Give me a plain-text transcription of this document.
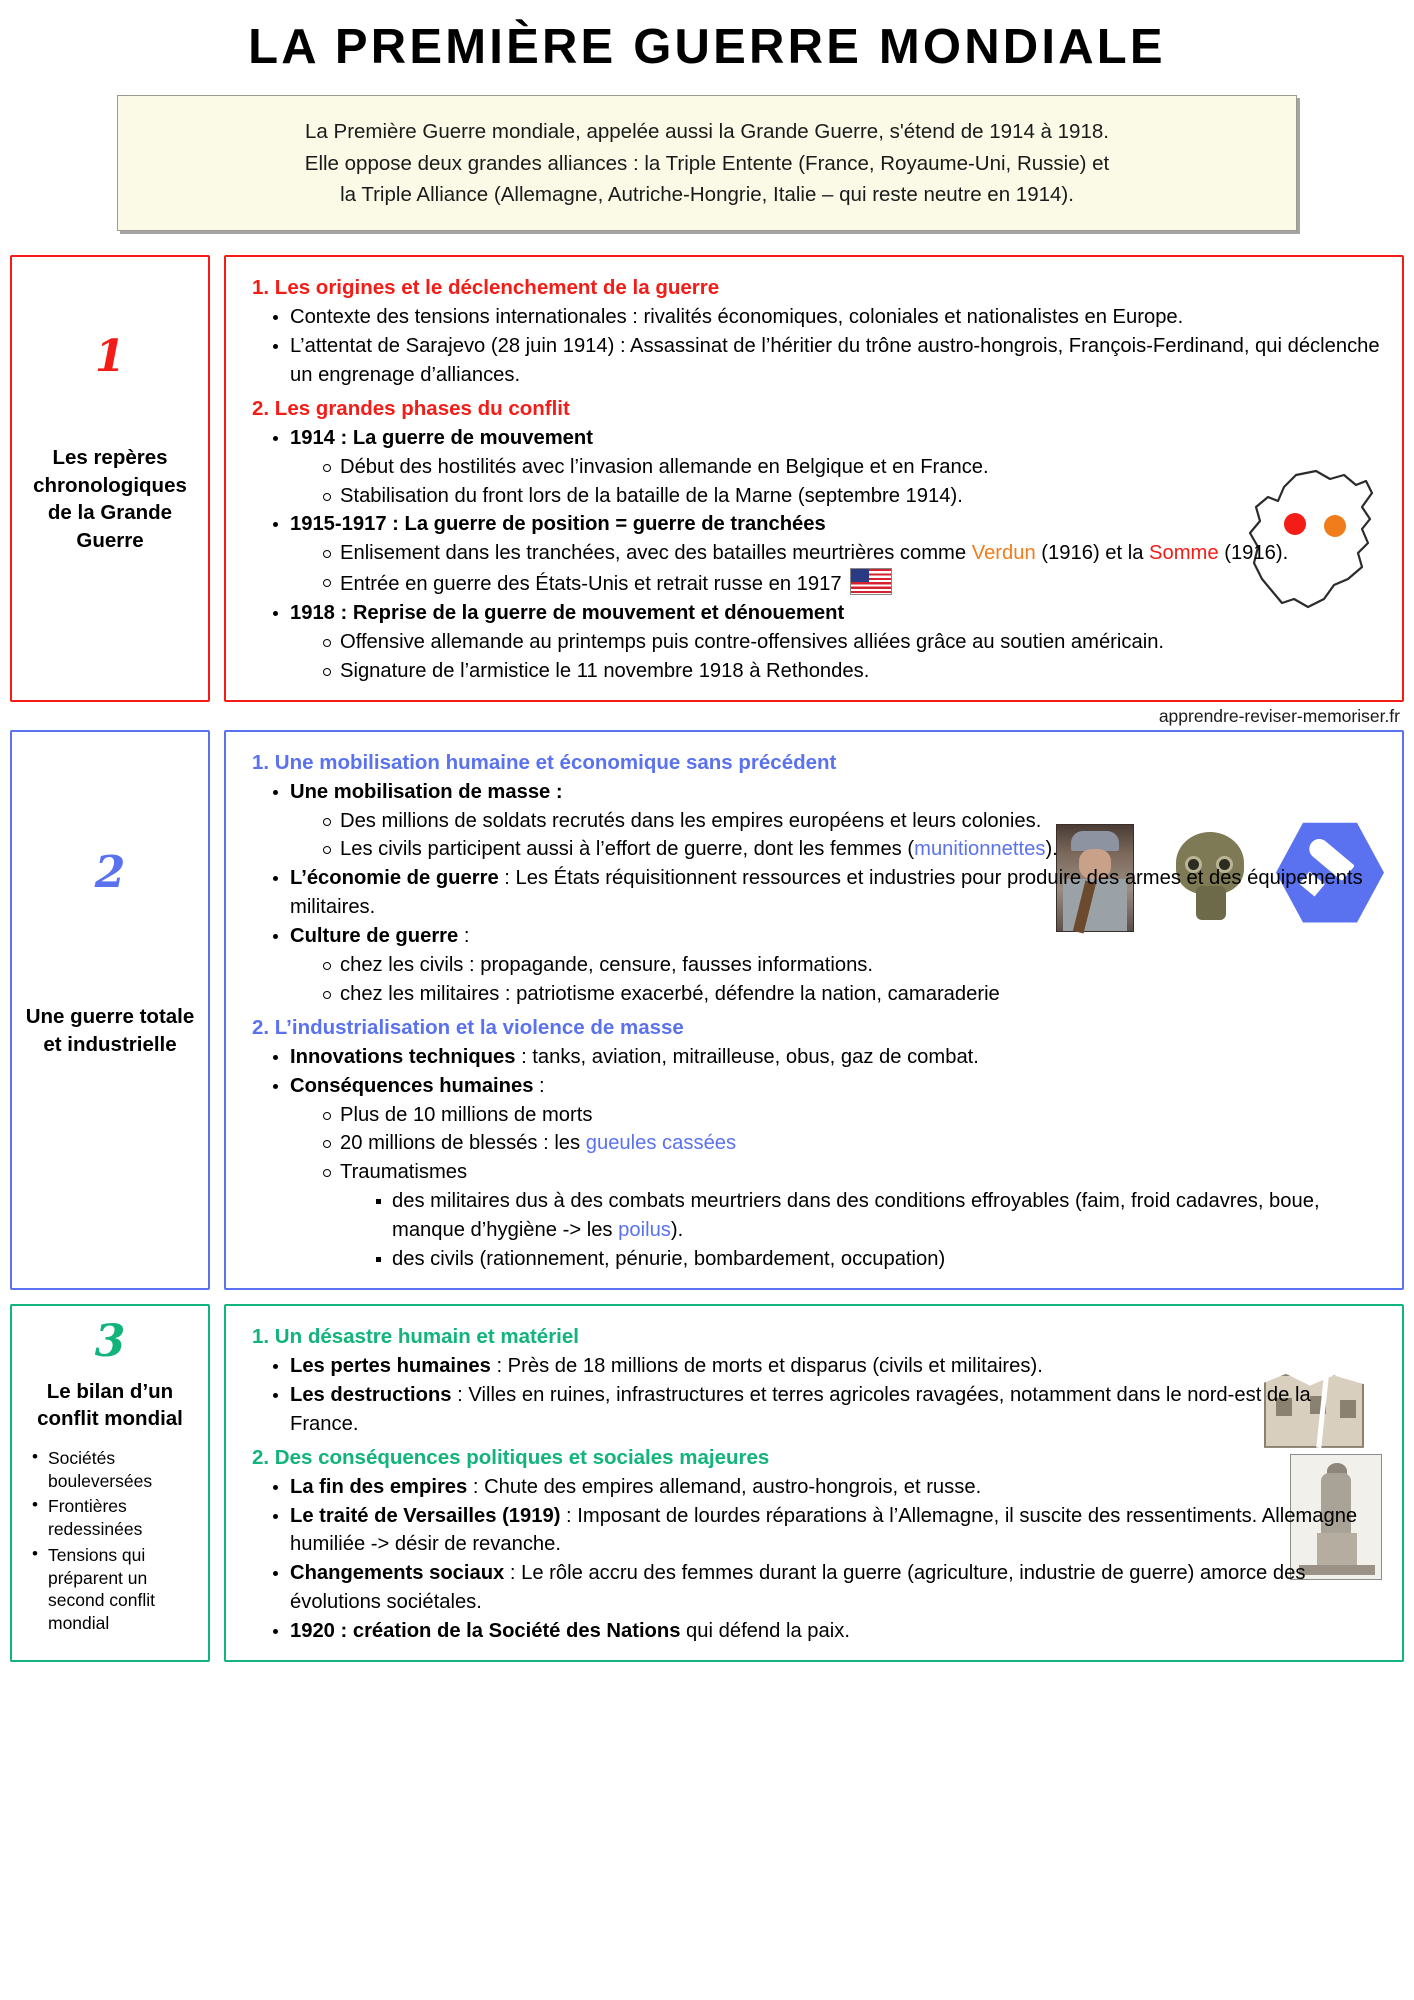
LA PREMIÈRE GUERRE MONDIALE
La Première Guerre mondiale, appelée aussi la Grande Guerre, s'étend de 1914 à 1918.
Elle oppose deux grandes alliances : la Triple Entente (France, Royaume-Uni, Russie) et
la Triple Alliance (Allemagne, Autriche-Hongrie, Italie – qui reste neutre en 1914).
1
Les repères chronologiques de la Grande Guerre
1. Les origines et le déclenchement de la guerre
Contexte des tensions internationales : rivalités économiques, coloniales et nationalistes en Europe.
L’attentat de Sarajevo (28 juin 1914) : Assassinat de l’héritier du trône austro-hongrois, François-Ferdinand, qui déclenche un engrenage d’alliances.
2. Les grandes phases du conflit
1914 : La guerre de mouvement
Début des hostilités avec l’invasion allemande en Belgique et en France.
Stabilisation du front lors de la bataille de la Marne (septembre 1914).
1915-1917 : La guerre de position = guerre de tranchées
Enlisement dans les tranchées, avec des batailles meurtrières comme Verdun (1916) et la Somme (1916).
Entrée en guerre des États-Unis et retrait russe en 1917
1918 : Reprise de la guerre de mouvement et dénouement
Offensive allemande au printemps puis contre-offensives alliées grâce au soutien américain.
Signature de l’armistice le 11 novembre 1918 à Rethondes.
apprendre-reviser-memoriser.fr
2
Une guerre totale et industrielle
1. Une mobilisation humaine et économique sans précédent
Une mobilisation de masse :
Des millions de soldats recrutés dans les empires européens et leurs colonies.
Les civils participent aussi à l’effort de guerre, dont les femmes (munitionnettes).
L’économie de guerre : Les États réquisitionnent ressources et industries pour produire des armes et des équipements militaires.
Culture de guerre :
chez les civils : propagande, censure, fausses informations.
chez les militaires : patriotisme exacerbé, défendre la nation, camaraderie
2. L’industrialisation et la violence de masse
Innovations techniques : tanks, aviation, mitrailleuse, obus, gaz de combat.
Conséquences humaines :
Plus de 10 millions de morts
20 millions de blessés : les gueules cassées
Traumatismes
des militaires dus à des combats meurtriers dans des conditions effroyables (faim, froid cadavres, boue, manque d’hygiène -> les poilus).
des civils (rationnement, pénurie, bombardement, occupation)
3
Le bilan d’un conflit mondial
• Sociétés bouleversées
• Frontières redessinées
• Tensions qui préparent un second conflit mondial
1. Un désastre humain et matériel
Les pertes humaines : Près de 18 millions de morts et disparus (civils et militaires).
Les destructions : Villes en ruines, infrastructures et terres agricoles ravagées, notamment dans le nord-est de la France.
2. Des conséquences politiques et sociales majeures
La fin des empires : Chute des empires allemand, austro-hongrois, et russe.
Le traité de Versailles (1919) : Imposant de lourdes réparations à l’Allemagne, il suscite des ressentiments. Allemagne humiliée -> désir de revanche.
Changements sociaux : Le rôle accru des femmes durant la guerre (agriculture, industrie de guerre) amorce des évolutions sociétales.
1920 : création de la Société des Nations qui défend la paix.
